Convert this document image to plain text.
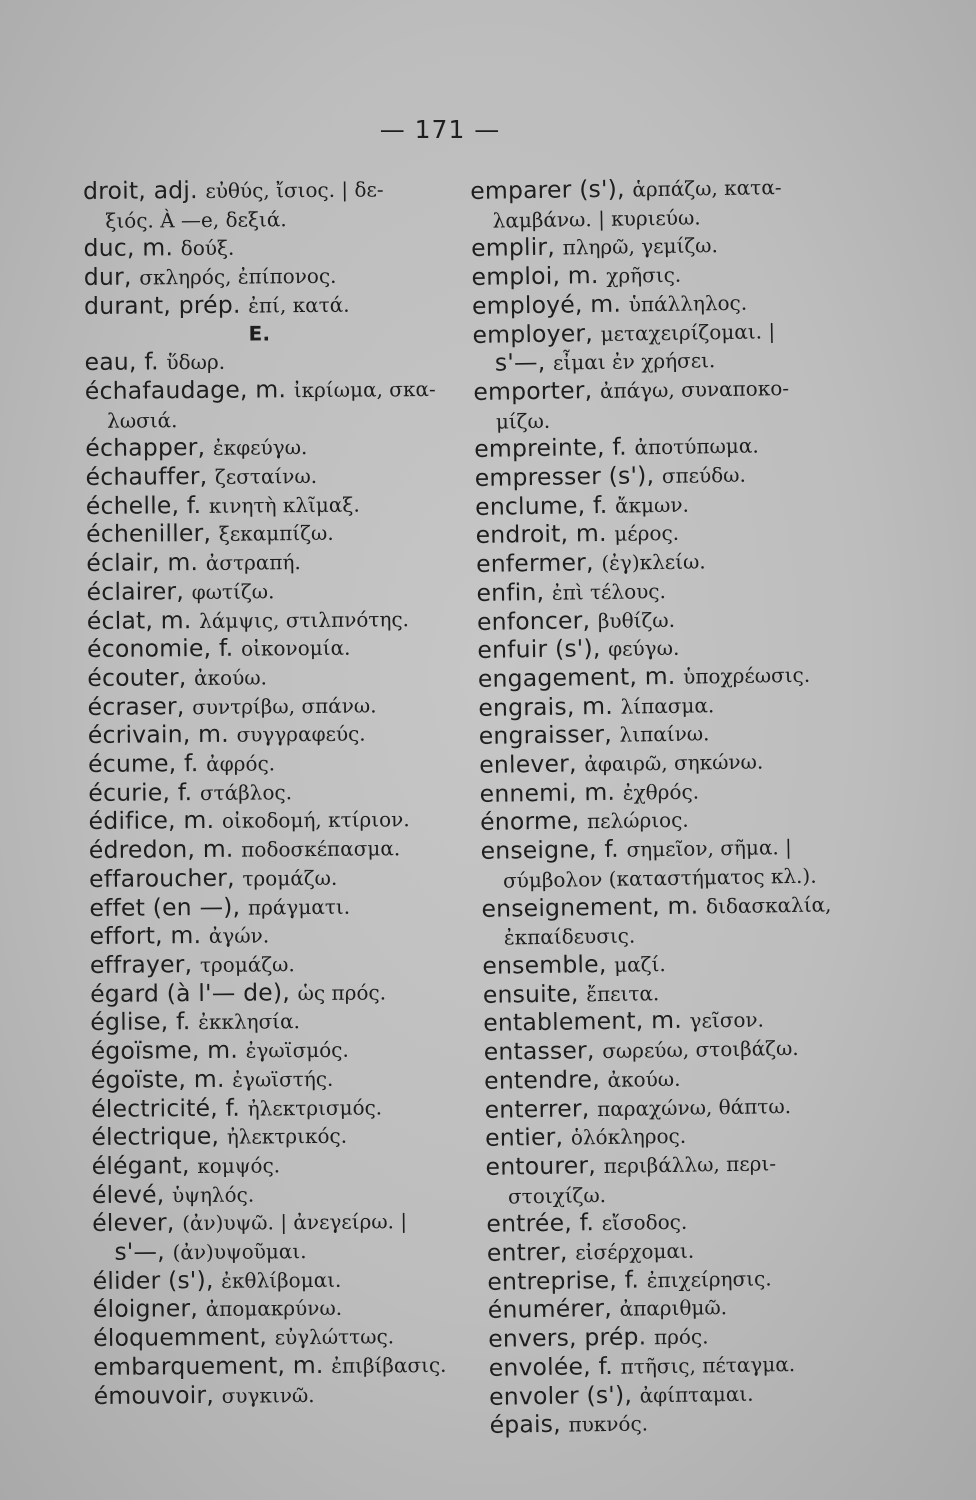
— 171 —

droit, adj. εὐθύς, ἴσιος. | δε-

ξιός. À —e, δεξιά.

duc, m. δούξ.

dur, σκληρός, ἐπίπονος.

durant, prép. ἐπί, κατά.

E.

eau, f. ὕδωρ.

échafaudage, m. ἰκρίωμα, σκα-

λωσιά.

échapper, ἐκφεύγω.

échauffer, ζεσταίνω.

échelle, f. κινητὴ κλῖμαξ.

écheniller, ξεκαμπίζω.

éclair, m. ἀστραπή.

éclairer, φωτίζω.

éclat, m. λάμψις, στιλπνότης.

économie, f. οἰκονομία.

écouter, ἀκούω.

écraser, συντρίβω, σπάνω.

écrivain, m. συγγραφεύς.

écume, f. ἀφρός.

écurie, f. στάβλος.

édifice, m. οἰκοδομή, κτίριον.

édredon, m. ποδοσκέπασμα.

effaroucher, τρομάζω.

effet (en —), πράγματι.

effort, m. ἀγών.

effrayer, τρομάζω.

égard (à l'— de), ὡς πρός.

église, f. ἐκκλησία.

égoïsme, m. ἐγωϊσμός.

égoïste, m. ἐγωϊστής.

électricité, f. ἠλεκτρισμός.

électrique, ἠλεκτρικός.

élégant, κομψός.

élevé, ὑψηλός.

élever, (ἀν)υψῶ. | ἀνεγείρω. |

s'—, (ἀν)υψοῦμαι.

élider (s'), ἐκθλίβομαι.

éloigner, ἀπομακρύνω.

éloquemment, εὐγλώττως.

embarquement, m. ἐπιβίβασις.

émouvoir, συγκινῶ.

emparer (s'), ἁρπάζω, κατα-

λαμβάνω. | κυριεύω.

emplir, πληρῶ, γεμίζω.

emploi, m. χρῆσις.

employé, m. ὑπάλληλος.

employer, μεταχειρίζομαι. |

s'—, εἶμαι ἐν χρήσει.

emporter, ἀπάγω, συναποκο-

μίζω.

empreinte, f. ἀποτύπωμα.

empresser (s'), σπεύδω.

enclume, f. ἄκμων.

endroit, m. μέρος.

enfermer, (ἐγ)κλείω.

enfin, ἐπὶ τέλους.

enfoncer, βυθίζω.

enfuir (s'), φεύγω.

engagement, m. ὑποχρέωσις.

engrais, m. λίπασμα.

engraisser, λιπαίνω.

enlever, ἀφαιρῶ, σηκώνω.

ennemi, m. ἐχθρός.

énorme, πελώριος.

enseigne, f. σημεῖον, σῆμα. |

σύμβολον (καταστήματος κλ.).

enseignement, m. διδασκαλία,

ἐκπαίδευσις.

ensemble, μαζί.

ensuite, ἔπειτα.

entablement, m. γεῖσον.

entasser, σωρεύω, στοιβάζω.

entendre, ἀκούω.

enterrer, παραχώνω, θάπτω.

entier, ὁλόκληρος.

entourer, περιβάλλω, περι-

στοιχίζω.

entrée, f. εἴσοδος.

entrer, εἰσέρχομαι.

entreprise, f. ἐπιχείρησις.

énumérer, ἀπαριθμῶ.

envers, prép. πρός.

envolée, f. πτῆσις, πέταγμα.

envoler (s'), ἀφίπταμαι.

épais, πυκνός.
